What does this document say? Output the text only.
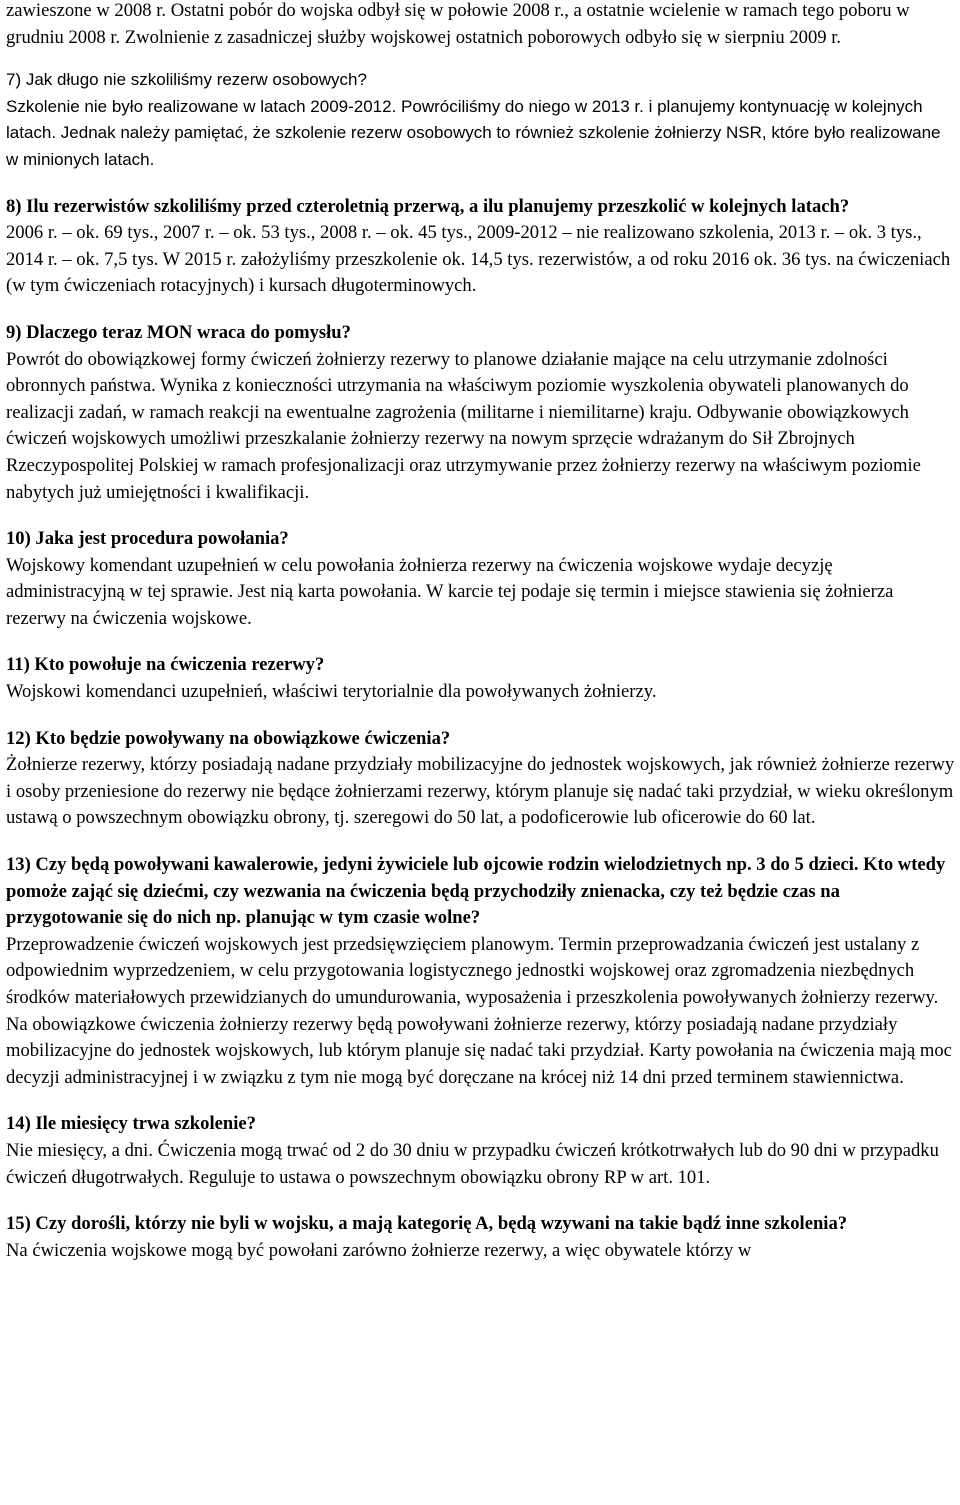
zawieszone w 2008 r. Ostatni pobór do wojska odbył się w połowie 2008 r., a ostatnie wcielenie w ramach tego poboru w grudniu 2008 r. Zwolnienie z zasadniczej służby wojskowej ostatnich poborowych odbyło się w sierpniu 2009 r.

7) Jak długo nie szkoliliśmy rezerw osobowych?

Szkolenie nie było realizowane w latach 2009-2012. Powróciliśmy do niego w 2013 r. i planujemy kontynuację w kolejnych latach. Jednak należy pamiętać, że szkolenie rezerw osobowych to również szkolenie żołnierzy NSR, które było realizowane w minionych latach.

8) Ilu rezerwistów szkoliliśmy przed czteroletnią przerwą, a ilu planujemy przeszkolić w kolejnych latach?

2006 r. – ok. 69 tys., 2007 r. – ok. 53 tys., 2008 r. – ok. 45 tys., 2009-2012 – nie realizowano szkolenia, 2013 r. – ok. 3 tys., 2014 r. – ok. 7,5 tys. W 2015 r. założyliśmy przeszkolenie ok. 14,5 tys. rezerwistów, a od roku 2016 ok. 36 tys. na ćwiczeniach (w tym ćwiczeniach rotacyjnych) i kursach długoterminowych.

9) Dlaczego teraz MON wraca do pomysłu?

Powrót do obowiązkowej formy ćwiczeń żołnierzy rezerwy to planowe działanie mające na celu utrzymanie zdolności obronnych państwa. Wynika z konieczności utrzymania na właściwym poziomie wyszkolenia obywateli planowanych do realizacji zadań, w ramach reakcji na ewentualne zagrożenia (militarne i niemilitarne) kraju. Odbywanie obowiązkowych ćwiczeń wojskowych umożliwi przeszkalanie żołnierzy rezerwy na nowym sprzęcie wdrażanym do Sił Zbrojnych Rzeczypospolitej Polskiej w ramach profesjonalizacji oraz utrzymywanie przez żołnierzy rezerwy na właściwym poziomie nabytych już umiejętności i kwalifikacji.

10) Jaka jest procedura powołania?

Wojskowy komendant uzupełnień w celu powołania żołnierza rezerwy na ćwiczenia wojskowe wydaje decyzję administracyjną w tej sprawie. Jest nią karta powołania. W karcie tej podaje się termin i miejsce stawienia się żołnierza rezerwy na ćwiczenia wojskowe.

11) Kto powołuje na ćwiczenia rezerwy?

Wojskowi komendanci uzupełnień, właściwi terytorialnie dla powoływanych żołnierzy.

12) Kto będzie powoływany na obowiązkowe ćwiczenia?

Żołnierze rezerwy, którzy posiadają nadane przydziały mobilizacyjne do jednostek wojskowych, jak również żołnierze rezerwy i osoby przeniesione do rezerwy nie będące żołnierzami rezerwy, którym planuje się nadać taki przydział, w wieku określonym ustawą o powszechnym obowiązku obrony, tj. szeregowi do 50 lat, a podoficerowie lub oficerowie do 60 lat.

13) Czy będą powoływani kawalerowie, jedyni żywiciele lub ojcowie rodzin wielodzietnych np. 3 do 5 dzieci. Kto wtedy pomoże zająć się dziećmi, czy wezwania na ćwiczenia będą przychodziły znienacka, czy też będzie czas na przygotowanie się do nich np. planując w tym czasie wolne?

Przeprowadzenie ćwiczeń wojskowych jest przedsięwzięciem planowym. Termin przeprowadzania ćwiczeń jest ustalany z odpowiednim wyprzedzeniem, w celu przygotowania logistycznego jednostki wojskowej oraz zgromadzenia niezbędnych środków materiałowych przewidzianych do umundurowania, wyposażenia i przeszkolenia powoływanych żołnierzy rezerwy. Na obowiązkowe ćwiczenia żołnierzy rezerwy będą powoływani żołnierze rezerwy, którzy posiadają nadane przydziały mobilizacyjne do jednostek wojskowych, lub którym planuje się nadać taki przydział. Karty powołania na ćwiczenia mają moc decyzji administracyjnej i w związku z tym nie mogą być doręczane na krócej niż 14 dni przed terminem stawiennictwa.

14) Ile miesięcy trwa szkolenie?

Nie miesięcy, a dni. Ćwiczenia mogą trwać od 2 do 30 dniu w przypadku ćwiczeń krótkotrwałych lub do 90 dni w przypadku ćwiczeń długotrwałych. Reguluje to ustawa o powszechnym obowiązku obrony RP w art. 101.

15) Czy dorośli, którzy nie byli w wojsku, a mają kategorię A, będą wzywani na takie bądź inne szkolenia?

Na ćwiczenia wojskowe mogą być powołani zarówno żołnierze rezerwy, a więc obywatele którzy w
